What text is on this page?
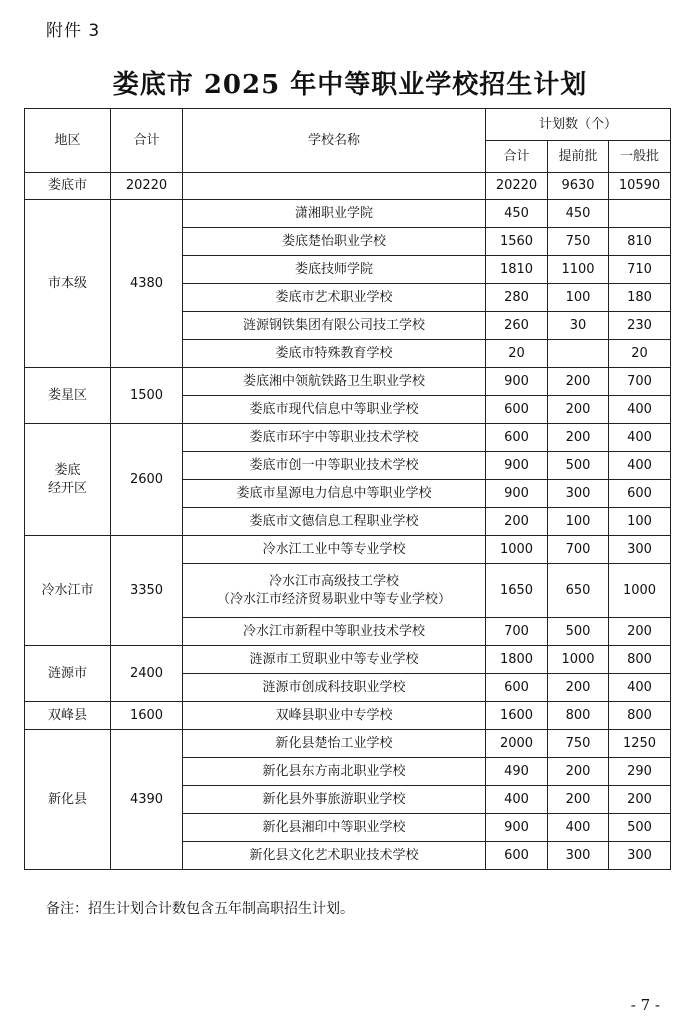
附件 3
娄底市 2025 年中等职业学校招生计划
地区	合计	学校名称	计划数（个）		
			合计	提前批	一般批
娄底市	20220		20220	9630	10590
市本级	4380	潇湘职业学院	450	450	
		娄底楚怡职业学校	1560	750	810
		娄底技师学院	1810	1100	710
		娄底市艺术职业学校	280	100	180
		涟源钢铁集团有限公司技工学校	260	30	230
		娄底市特殊教育学校	20		20
娄星区	1500	娄底湘中领航铁路卫生职业学校	900	200	700
		娄底市现代信息中等职业学校	600	200	400
娄底
经开区	2600	娄底市环宇中等职业技术学校	600	200	400
		娄底市创一中等职业技术学校	900	500	400
		娄底市星源电力信息中等职业学校	900	300	600
		娄底市文德信息工程职业学校	200	100	100
冷水江市	3350	冷水江工业中等专业学校	1000	700	300
		冷水江市高级技工学校
（冷水江市经济贸易职业中等专业学校）	1650	650	1000
		冷水江市新程中等职业技术学校	700	500	200
涟源市	2400	涟源市工贸职业中等专业学校	1800	1000	800
		涟源市创成科技职业学校	600	200	400
双峰县	1600	双峰县职业中专学校	1600	800	800
新化县	4390	新化县楚怡工业学校	2000	750	1250
		新化县东方南北职业学校	490	200	290
		新化县外事旅游职业学校	400	200	200
		新化县湘印中等职业学校	900	400	500
		新化县文化艺术职业技术学校	600	300	300
备注：招生计划合计数包含五年制高职招生计划。
- 7 -
